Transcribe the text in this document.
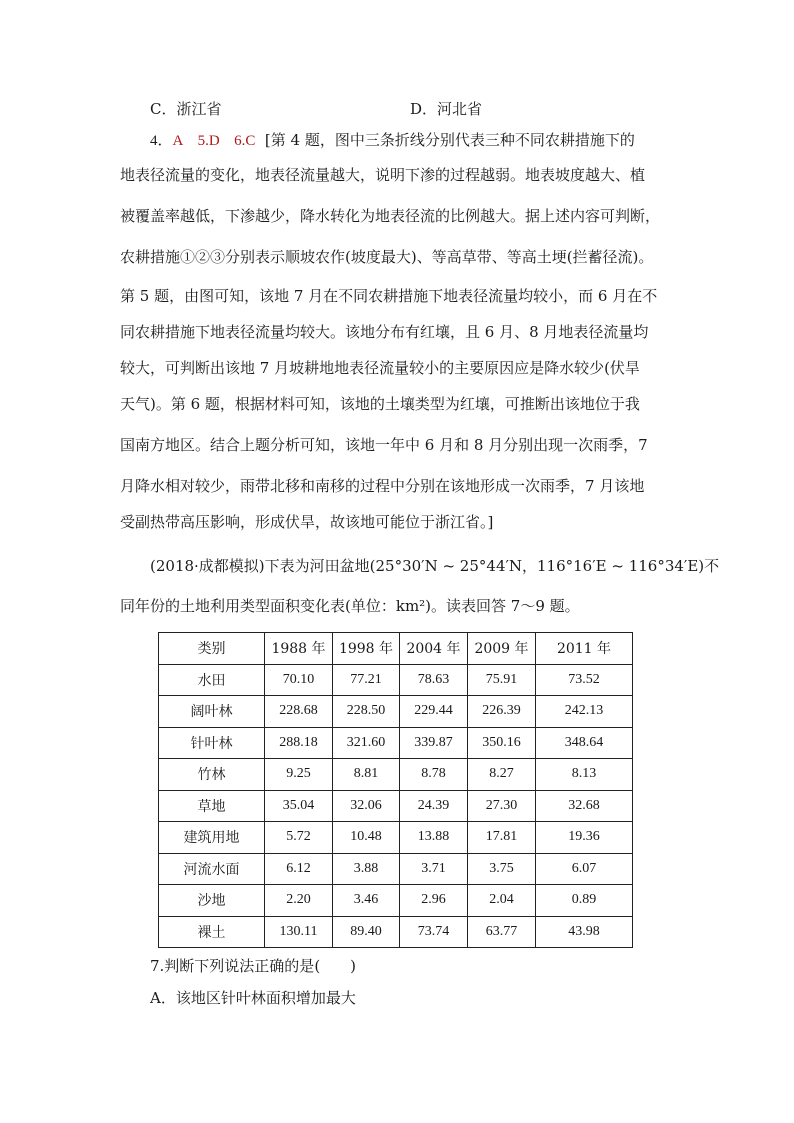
C．浙江省	D．河北省
4．A 5.D 6.C [第 4 题，图中三条折线分别代表三种不同农耕措施下的
地表径流量的变化，地表径流量越大，说明下渗的过程越弱。地表坡度越大、植
被覆盖率越低，下渗越少，降水转化为地表径流的比例越大。据上述内容可判断，
农耕措施①②③分别表示顺坡农作(坡度最大)、等高草带、等高土埂(拦蓄径流)。
第 5 题，由图可知，该地 7 月在不同农耕措施下地表径流量均较小，而 6 月在不
同农耕措施下地表径流量均较大。该地分布有红壤，且 6 月、8 月地表径流量均
较大，可判断出该地 7 月坡耕地地表径流量较小的主要原因应是降水较少(伏旱
天气)。第 6 题，根据材料可知，该地的土壤类型为红壤，可推断出该地位于我
国南方地区。结合上题分析可知，该地一年中 6 月和 8 月分别出现一次雨季，7
月降水相对较少，雨带北移和南移的过程中分别在该地形成一次雨季，7 月该地
受副热带高压影响，形成伏旱，故该地可能位于浙江省。]
(2018·成都模拟)下表为河田盆地(25°30′N ~ 25°44′N，116°16′E ~ 116°34′E)不
同年份的土地利用类型面积变化表(单位：km²)。读表回答 7～9 题。
类别	1988 年	1998 年	2004 年	2009 年	2011 年
水田	70.10	77.21	78.63	75.91	73.52
阔叶林	228.68	228.50	229.44	226.39	242.13
针叶林	288.18	321.60	339.87	350.16	348.64
竹林	9.25	8.81	8.78	8.27	8.13
草地	35.04	32.06	24.39	27.30	32.68
建筑用地	5.72	10.48	13.88	17.81	19.36
河流水面	6.12	3.88	3.71	3.75	6.07
沙地	2.20	3.46	2.96	2.04	0.89
裸土	130.11	89.40	73.74	63.77	43.98
7.判断下列说法正确的是(　　)
A．该地区针叶林面积增加最大
